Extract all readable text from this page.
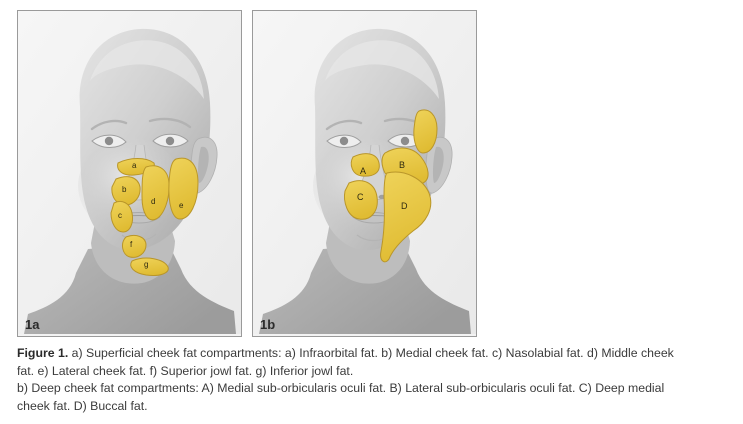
a
b
c
d	e
f
g
1a
A
B
C
D
1b
Figure 1. a) Superficial cheek fat compartments: a) Infraorbital fat. b) Medial cheek fat. c) Nasolabial fat. d) Middle cheek
fat. e) Lateral cheek fat. f) Superior jowl fat. g) Inferior jowl fat.
b) Deep cheek fat compartments: A) Medial sub-orbicularis oculi fat. B) Lateral sub-orbicularis oculi fat. C) Deep medial
cheek fat. D) Buccal fat.
